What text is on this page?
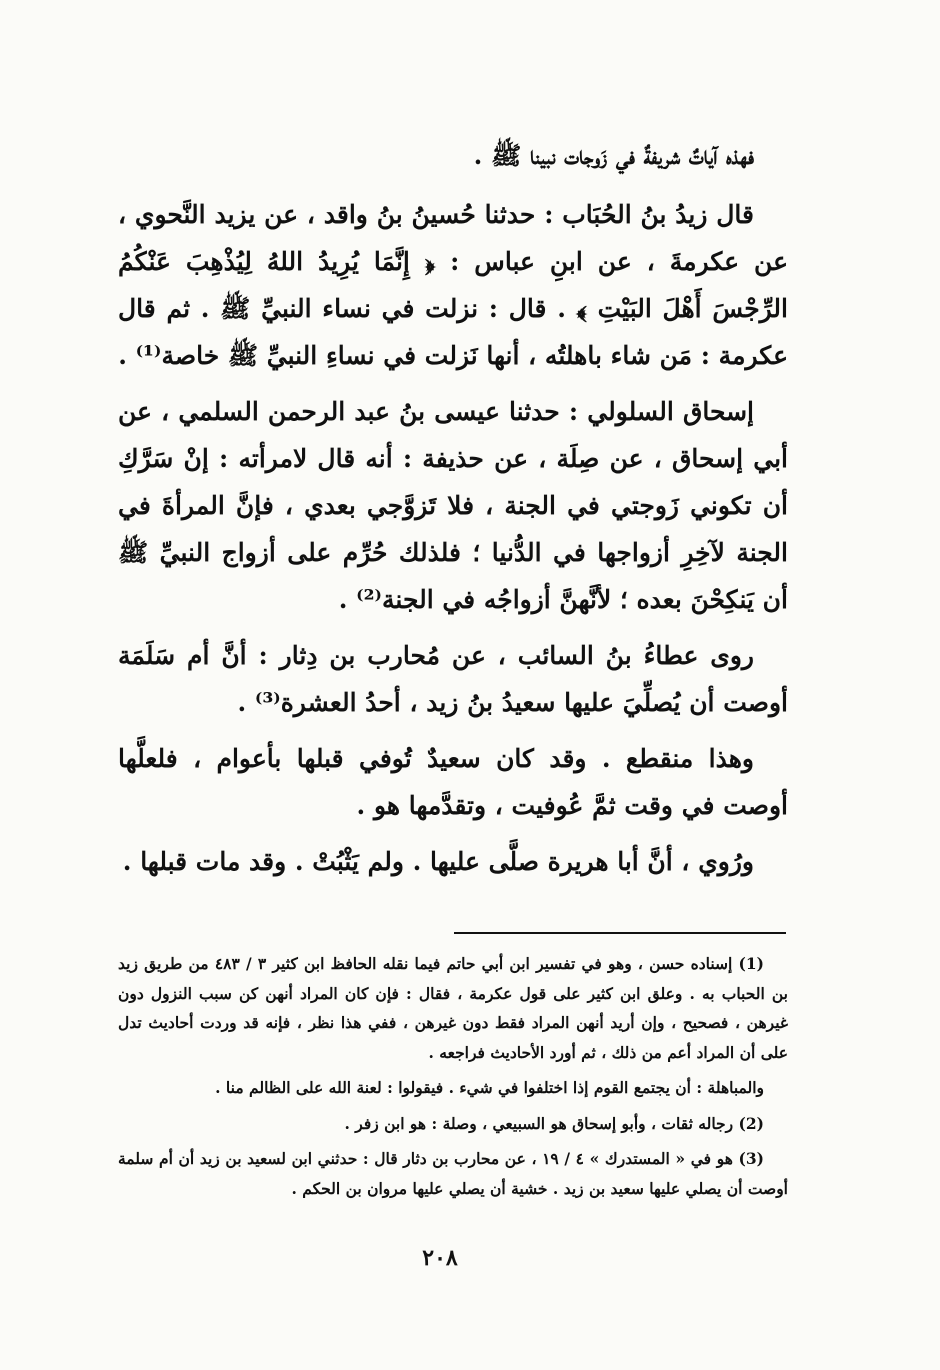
فهذه آياتٌ شريفةٌ في زَوجات نبينا ﷺ .

قال زيدُ بنُ الحُبَاب : حدثنا حُسينُ بنُ واقد ، عن يزيد النَّحوي ، عن عكرمةَ ، عن ابنِ عباس : ﴿ إِنَّمَا يُرِيدُ اللهُ لِيُذْهِبَ عَنْكُمُ الرِّجْسَ أَهْلَ البَيْتِ ﴾ . قال : نزلت في نساء النبيِّ ﷺ . ثم قال عكرمة : مَن شاء باهلتُه ، أنها نَزلت في نساءِ النبيِّ ﷺ خاصة⁽¹⁾ .

إسحاق السلولي : حدثنا عيسى بنُ عبد الرحمن السلمي ، عن أبي إسحاق ، عن صِلَة ، عن حذيفة : أنه قال لامرأته : إنْ سَرَّكِ أن تكوني زَوجتي في الجنة ، فلا تَزوَّجي بعدي ، فإنَّ المرأةَ في الجنة لآخِرِ أزواجها في الدُّنيا ؛ فلذلك حُرِّم على أزواج النبيِّ ﷺ أن يَنكِحْنَ بعده ؛ لأنَّهنَّ أزواجُه في الجنة⁽²⁾ .

روى عطاءُ بنُ السائب ، عن مُحارب بن دِثار : أنَّ أم سَلَمَة أوصت أن يُصلِّيَ عليها سعيدُ بنُ زيد ، أحدُ العشرة⁽³⁾ .

وهذا منقطع . وقد كان سعيدٌ تُوفي قبلها بأعوام ، فلعلَّها أوصت في وقت ثمَّ عُوفيت ، وتقدَّمها هو .

ورُوي ، أنَّ أبا هريرة صلَّى عليها . ولم يَثْبُتْ . وقد مات قبلها .

(1) إسناده حسن ، وهو في تفسير ابن أبي حاتم فيما نقله الحافظ ابن كثير ٣ / ٤٨٣ من طريق زيد بن الحباب به . وعلق ابن كثير على قول عكرمة ، فقال : فإن كان المراد أنهن كن سبب النزول دون غيرهن ، فصحيح ، وإن أريد أنهن المراد فقط دون غيرهن ، ففي هذا نظر ، فإنه قد وردت أحاديث تدل على أن المراد أعم من ذلك ، ثم أورد الأحاديث فراجعه .

والمباهلة : أن يجتمع القوم إذا اختلفوا في شيء . فيقولوا : لعنة الله على الظالم منا .

(2) رجاله ثقات ، وأبو إسحاق هو السبيعي ، وصلة : هو ابن زفر .

(3) هو في « المستدرك » ٤ / ١٩ ، عن محارب بن دثار قال : حدثني ابن لسعيد بن زيد أن أم سلمة أوصت أن يصلي عليها سعيد بن زيد . خشية أن يصلي عليها مروان بن الحكم .

٢٠٨
